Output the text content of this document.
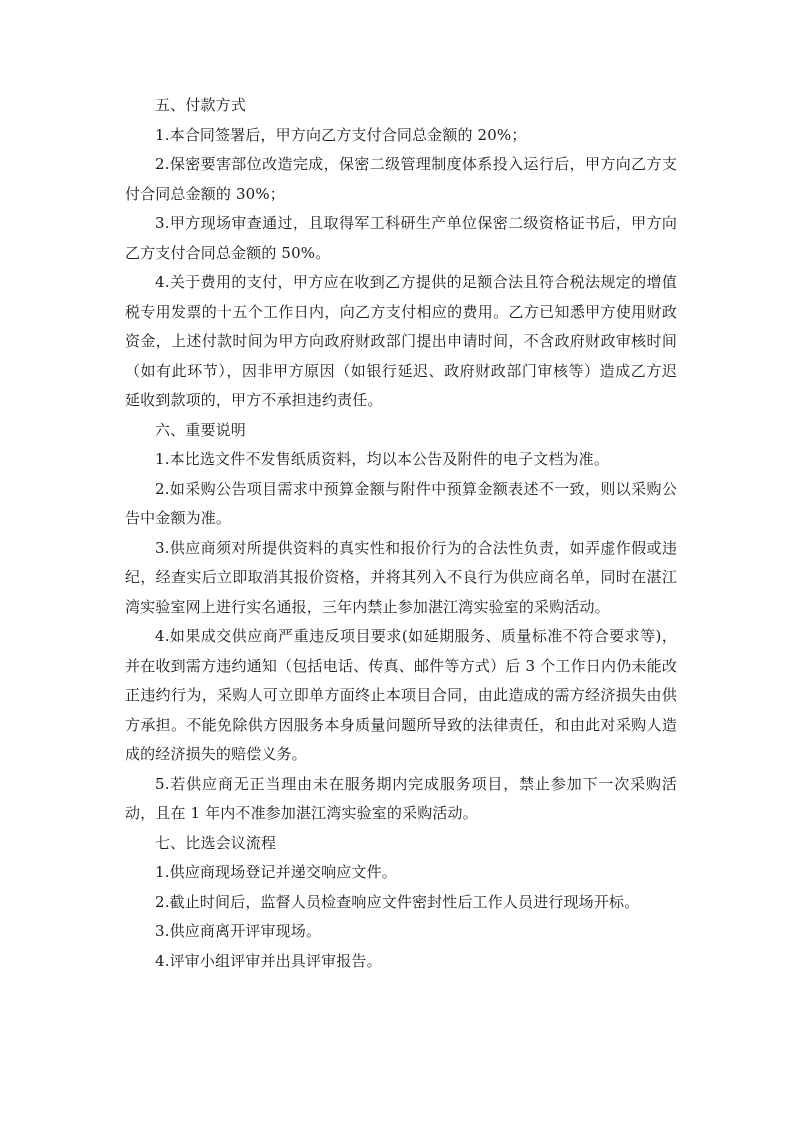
五、付款方式

1.本合同签署后，甲方向乙方支付合同总金额的 20%；

2.保密要害部位改造完成，保密二级管理制度体系投入运行后，甲方向乙方支付合同总金额的 30%；

3.甲方现场审查通过，且取得军工科研生产单位保密二级资格证书后，甲方向乙方支付合同总金额的 50%。

4.关于费用的支付，甲方应在收到乙方提供的足额合法且符合税法规定的增值税专用发票的十五个工作日内，向乙方支付相应的费用。乙方已知悉甲方使用财政资金，上述付款时间为甲方向政府财政部门提出申请时间，不含政府财政审核时间（如有此环节），因非甲方原因（如银行延迟、政府财政部门审核等）造成乙方迟延收到款项的，甲方不承担违约责任。

六、重要说明

1.本比选文件不发售纸质资料，均以本公告及附件的电子文档为准。

2.如采购公告项目需求中预算金额与附件中预算金额表述不一致，则以采购公告中金额为准。

3.供应商须对所提供资料的真实性和报价行为的合法性负责，如弄虚作假或违纪，经查实后立即取消其报价资格，并将其列入不良行为供应商名单，同时在湛江湾实验室网上进行实名通报，三年内禁止参加湛江湾实验室的采购活动。

4.如果成交供应商严重违反项目要求(如延期服务、质量标准不符合要求等)，并在收到需方违约通知（包括电话、传真、邮件等方式）后 3 个工作日内仍未能改正违约行为，采购人可立即单方面终止本项目合同，由此造成的需方经济损失由供方承担。不能免除供方因服务本身质量问题所导致的法律责任，和由此对采购人造成的经济损失的赔偿义务。

5.若供应商无正当理由未在服务期内完成服务项目，禁止参加下一次采购活动，且在 1 年内不准参加湛江湾实验室的采购活动。

七、比选会议流程

1.供应商现场登记并递交响应文件。

2.截止时间后，监督人员检查响应文件密封性后工作人员进行现场开标。

3.供应商离开评审现场。

4.评审小组评审并出具评审报告。
